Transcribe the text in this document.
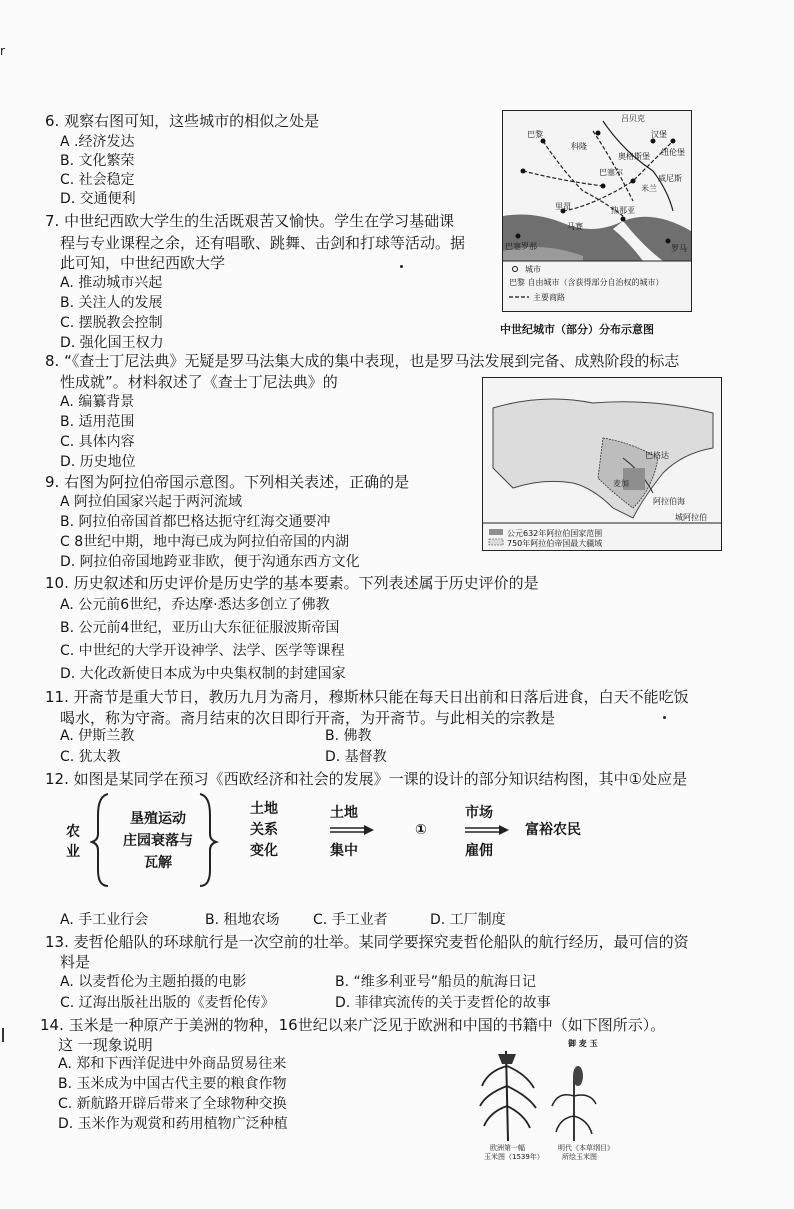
r
6. 观察右图可知，这些城市的相似之处是
A .经济发达
B. 文化繁荣
C. 社会稳定
D. 交通便利
吕贝克
巴黎
科隆
汉堡
纽伦堡
巴塞尔
马赛
米兰
威尼斯
热那亚
罗马
巴塞罗那
奥格斯堡
里昂
城市
巴黎 自由城市（含获得部分自治权的城市）
主要商路
中世纪城市（部分）分布示意图
7. 中世纪西欧大学生的生活既艰苦又愉快。学生在学习基础课
程与专业课程之余，还有唱歌、跳舞、击剑和打球等活动。据
此可知，中世纪西欧大学
A. 推动城市兴起
B. 关注人的发展
C. 摆脱教会控制
D. 强化国王权力
8. “《查士丁尼法典》无疑是罗马法集大成的集中表现，也是罗马法发展到完备、成熟阶段的标志
性成就”。材料叙述了《查士丁尼法典》的
A. 编纂背景
B. 适用范围
C. 具体内容
D. 历史地位	巴格达
麦加
阿拉伯海
公元632年阿拉伯国家范围
750年阿拉伯帝国最大疆域
城阿拉伯
9. 右图为阿拉伯帝国示意图。下列相关表述，正确的是
A 阿拉伯国家兴起于两河流域
B. 阿拉伯帝国首都巴格达扼守红海交通要冲
C 8世纪中期，地中海已成为阿拉伯帝国的内湖
D. 阿拉伯帝国地跨亚非欧，便于沟通东西方文化
10. 历史叙述和历史评价是历史学的基本要素。下列表述属于历史评价的是
A. 公元前6世纪，乔达摩·悉达多创立了佛教
B. 公元前4世纪，亚历山大东征征服波斯帝国
C. 中世纪的大学开设神学、法学、医学等课程
D. 大化改新使日本成为中央集权制的封建国家
11. 开斋节是重大节日，教历九月为斋月，穆斯林只能在每天日出前和日落后进食，白天不能吃饭
喝水，称为守斋。斋月结束的次日即行开斋，为开斋节。与此相关的宗教是
A. 伊斯兰教	B. 佛教
C. 犹太教	D. 基督教
12. 如图是某同学在预习《西欧经济和社会的发展》一课的设计的部分知识结构图，其中①处应是
农
业
垦殖运动
庄园衰落与
瓦解
土地
关系
变化
土地
集中
①
市场
雇佣
富裕农民
A. 手工业行会	B. 租地农场 C. 手工业者	D. 工厂制度
13. 麦哲伦船队的环球航行是一次空前的壮举。某同学要探究麦哲伦船队的航行经历，最可信的资
料是
A. 以麦哲伦为主题拍摄的电影	B. “维多利亚号”船员的航海日记
C. 辽海出版社出版的《麦哲伦传》	D. 菲律宾流传的关于麦哲伦的故事
14. 玉米是一种原产于美洲的物种，16世纪以来广泛见于欧洲和中国的书籍中（如下图所示）。
这 一现象说明
A. 郑和下西洋促进中外商品贸易往来
B. 玉米成为中国古代主要的粮食作物
C. 新航路开辟后带来了全球物种交换
D. 玉米作为观赏和药用植物广泛种植
御 麦 玉
欧洲第一幅
玉米图（1539年）
明代《本草纲目》
所绘玉米图
